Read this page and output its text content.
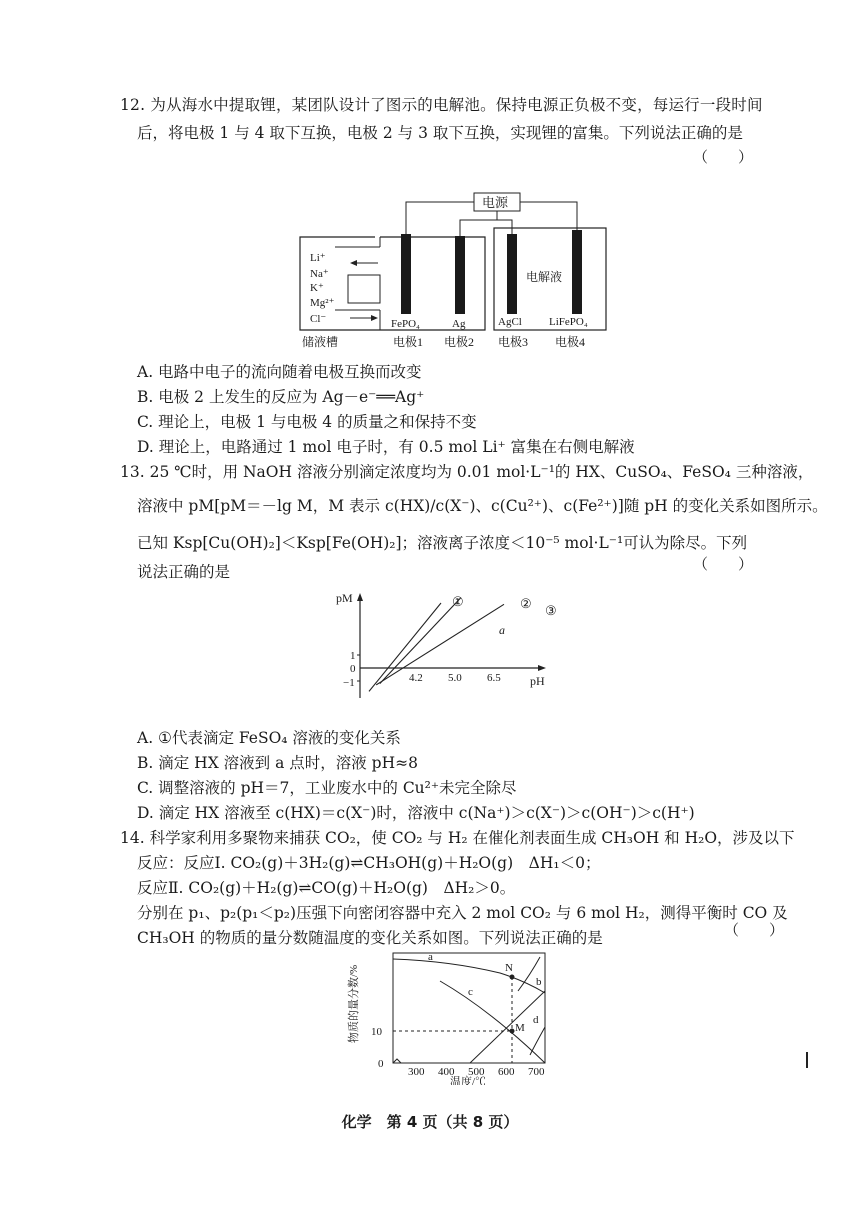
12. 为从海水中提取锂，某团队设计了图示的电解池。保持电源正负极不变，每运行一段时间
后，将电极 1 与 4 取下互换，电极 2 与 3 取下互换，实现锂的富集。下列说法正确的是
（　　）
电源
Li⁺
Na⁺
K⁺
Mg²⁺
Cl⁻	FePO₄	Ag
电解液
AgCl LiFePO₄
储液槽	电极1 电极2 电极3 电极4
A. 电路中电子的流向随着电极互换而改变
B. 电极 2 上发生的反应为 Ag－e⁻══Ag⁺
C. 理论上，电极 1 与电极 4 的质量之和保持不变
D. 理论上，电路通过 1 mol 电子时，有 0.5 mol Li⁺ 富集在右侧电解液
13. 25 ℃时，用 NaOH 溶液分别滴定浓度均为 0.01 mol·L⁻¹的 HX、CuSO₄、FeSO₄ 三种溶液，
溶液中 pM[pM＝－lg M，M 表示 c(HX)/c(X⁻)、c(Cu²⁺)、c(Fe²⁺)]随 pH 的变化关系如图所示。
已知 Ksp[Cu(OH)₂]＜Ksp[Fe(OH)₂]；溶液离子浓度＜10⁻⁵ mol·L⁻¹可认为除尽。下列
（　　）
说法正确的是
pM
pH
1
0
−1	4.2 5.0 6.5
①	② ③
a
A. ①代表滴定 FeSO₄ 溶液的变化关系
B. 滴定 HX 溶液到 a 点时，溶液 pH≈8
C. 调整溶液的 pH＝7，工业废水中的 Cu²⁺未完全除尽
D. 滴定 HX 溶液至 c(HX)＝c(X⁻)时，溶液中 c(Na⁺)＞c(X⁻)＞c(OH⁻)＞c(H⁺)
14. 科学家利用多聚物来捕获 CO₂，使 CO₂ 与 H₂ 在催化剂表面生成 CH₃OH 和 H₂O，涉及以下
反应：反应Ⅰ. CO₂(g)＋3H₂(g)⇌CH₃OH(g)＋H₂O(g)　ΔH₁＜0；
反应Ⅱ. CO₂(g)＋H₂(g)⇌CO(g)＋H₂O(g)　ΔH₂＞0。
分别在 p₁、p₂(p₁＜p₂)压强下向密闭容器中充入 2 mol CO₂ 与 6 mol H₂，测得平衡时 CO 及
CH₃OH 的物质的量分数随温度的变化关系如图。下列说法正确的是	（　　）
物质的量分数/%
a
b
c
d
N
M
10
0
300 400 500 600 700
温度/℃
化学　第 4 页（共 8 页）
